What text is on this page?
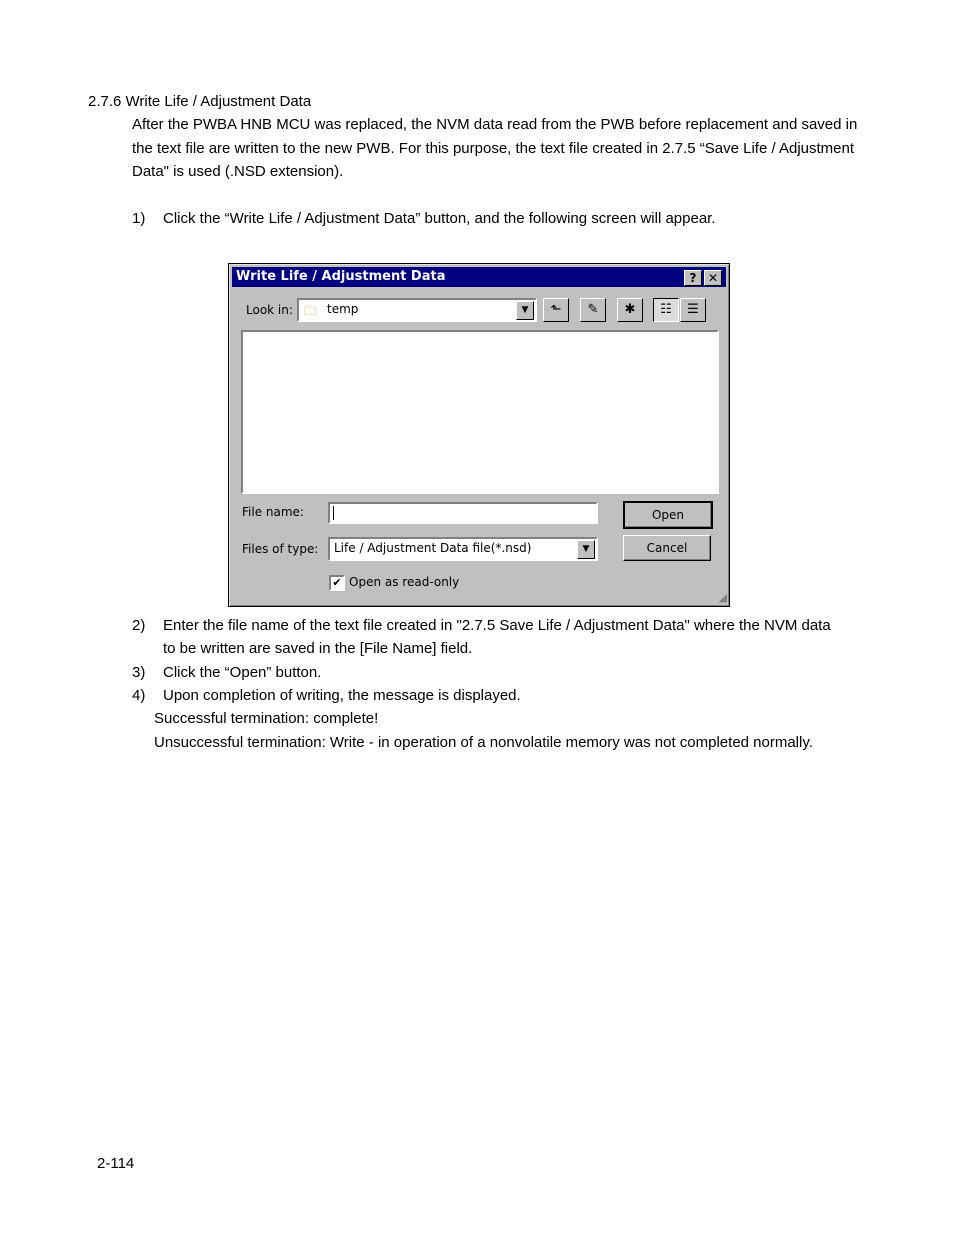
2.7.6 Write Life / Adjustment Data
After the PWBA HNB MCU was replaced, the NVM data read from the PWB before replacement and saved in the text file are written to the new PWB. For this purpose, the text file created in 2.7.5 “Save Life / Adjustment Data" is used (.NSD extension).
1) Click the “Write Life / Adjustment Data” button, and the following screen will appear.
Write Life / Adjustment Data	? ✕
Look in: 🗀 temp	▼	⬑	✎	✱	☷	☰
File name:
Files of type: Life / Adjustment Data file(*.nsd)	▼
Open
Cancel
✔ Open as read-only
◢
2) Enter the file name of the text file created in "2.7.5 Save Life / Adjustment Data" where the NVM data
to be written are saved in the [File Name] field.
3) Click the “Open” button.
4) Upon completion of writing, the message is displayed.
Successful termination: complete!
Unsuccessful termination: Write - in operation of a nonvolatile memory was not completed normally.
2-114
